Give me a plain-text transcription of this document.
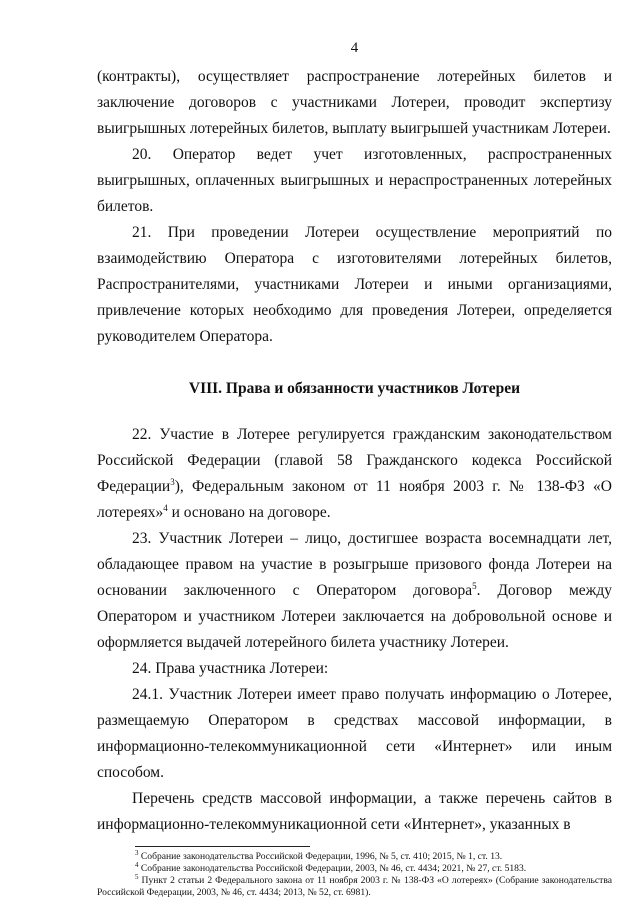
4

(контракты), осуществляет распространение лотерейных билетов и заключение договоров с участниками Лотереи, проводит экспертизу выигрышных лотерейных билетов, выплату выигрышей участникам Лотереи.

20. Оператор ведет учет изготовленных, распространенных выигрышных, оплаченных выигрышных и нераспространенных лотерейных билетов.

21. При проведении Лотереи осуществление мероприятий по взаимодействию Оператора с изготовителями лотерейных билетов, Распространителями, участниками Лотереи и иными организациями, привлечение которых необходимо для проведения Лотереи, определяется руководителем Оператора.

VIII. Права и обязанности участников Лотереи

22. Участие в Лотерее регулируется гражданским законодательством Российской Федерации (главой 58 Гражданского кодекса Российской Федерации$^3$), Федеральным законом от 11 ноября 2003 г. № 138-ФЗ «О лотереях»$^4$ и основано на договоре.

23. Участник Лотереи – лицо, достигшее возраста восемнадцати лет, обладающее правом на участие в розыгрыше призового фонда Лотереи на основании заключенного с Оператором договора$^5$. Договор между Оператором и участником Лотереи заключается на добровольной основе и оформляется выдачей лотерейного билета участнику Лотереи.

24. Права участника Лотереи:

24.1. Участник Лотереи имеет право получать информацию о Лотерее, размещаемую Оператором в средствах массовой информации, в информационно-телекоммуникационной сети «Интернет» или иным способом.

Перечень средств массовой информации, а также перечень сайтов в информационно-телекоммуникационной сети «Интернет», указанных в

$^3$ Собрание законодательства Российской Федерации, 1996, № 5, ст. 410; 2015, № 1, ст. 13.

$^4$ Собрание законодательства Российской Федерации, 2003, № 46, ст. 4434; 2021, № 27, ст. 5183.

$^5$ Пункт 2 статьи 2 Федерального закона от 11 ноября 2003 г. № 138-ФЗ «О лотереях» (Собрание законодательства Российской Федерации, 2003, № 46, ст. 4434; 2013, № 52, ст. 6981).
